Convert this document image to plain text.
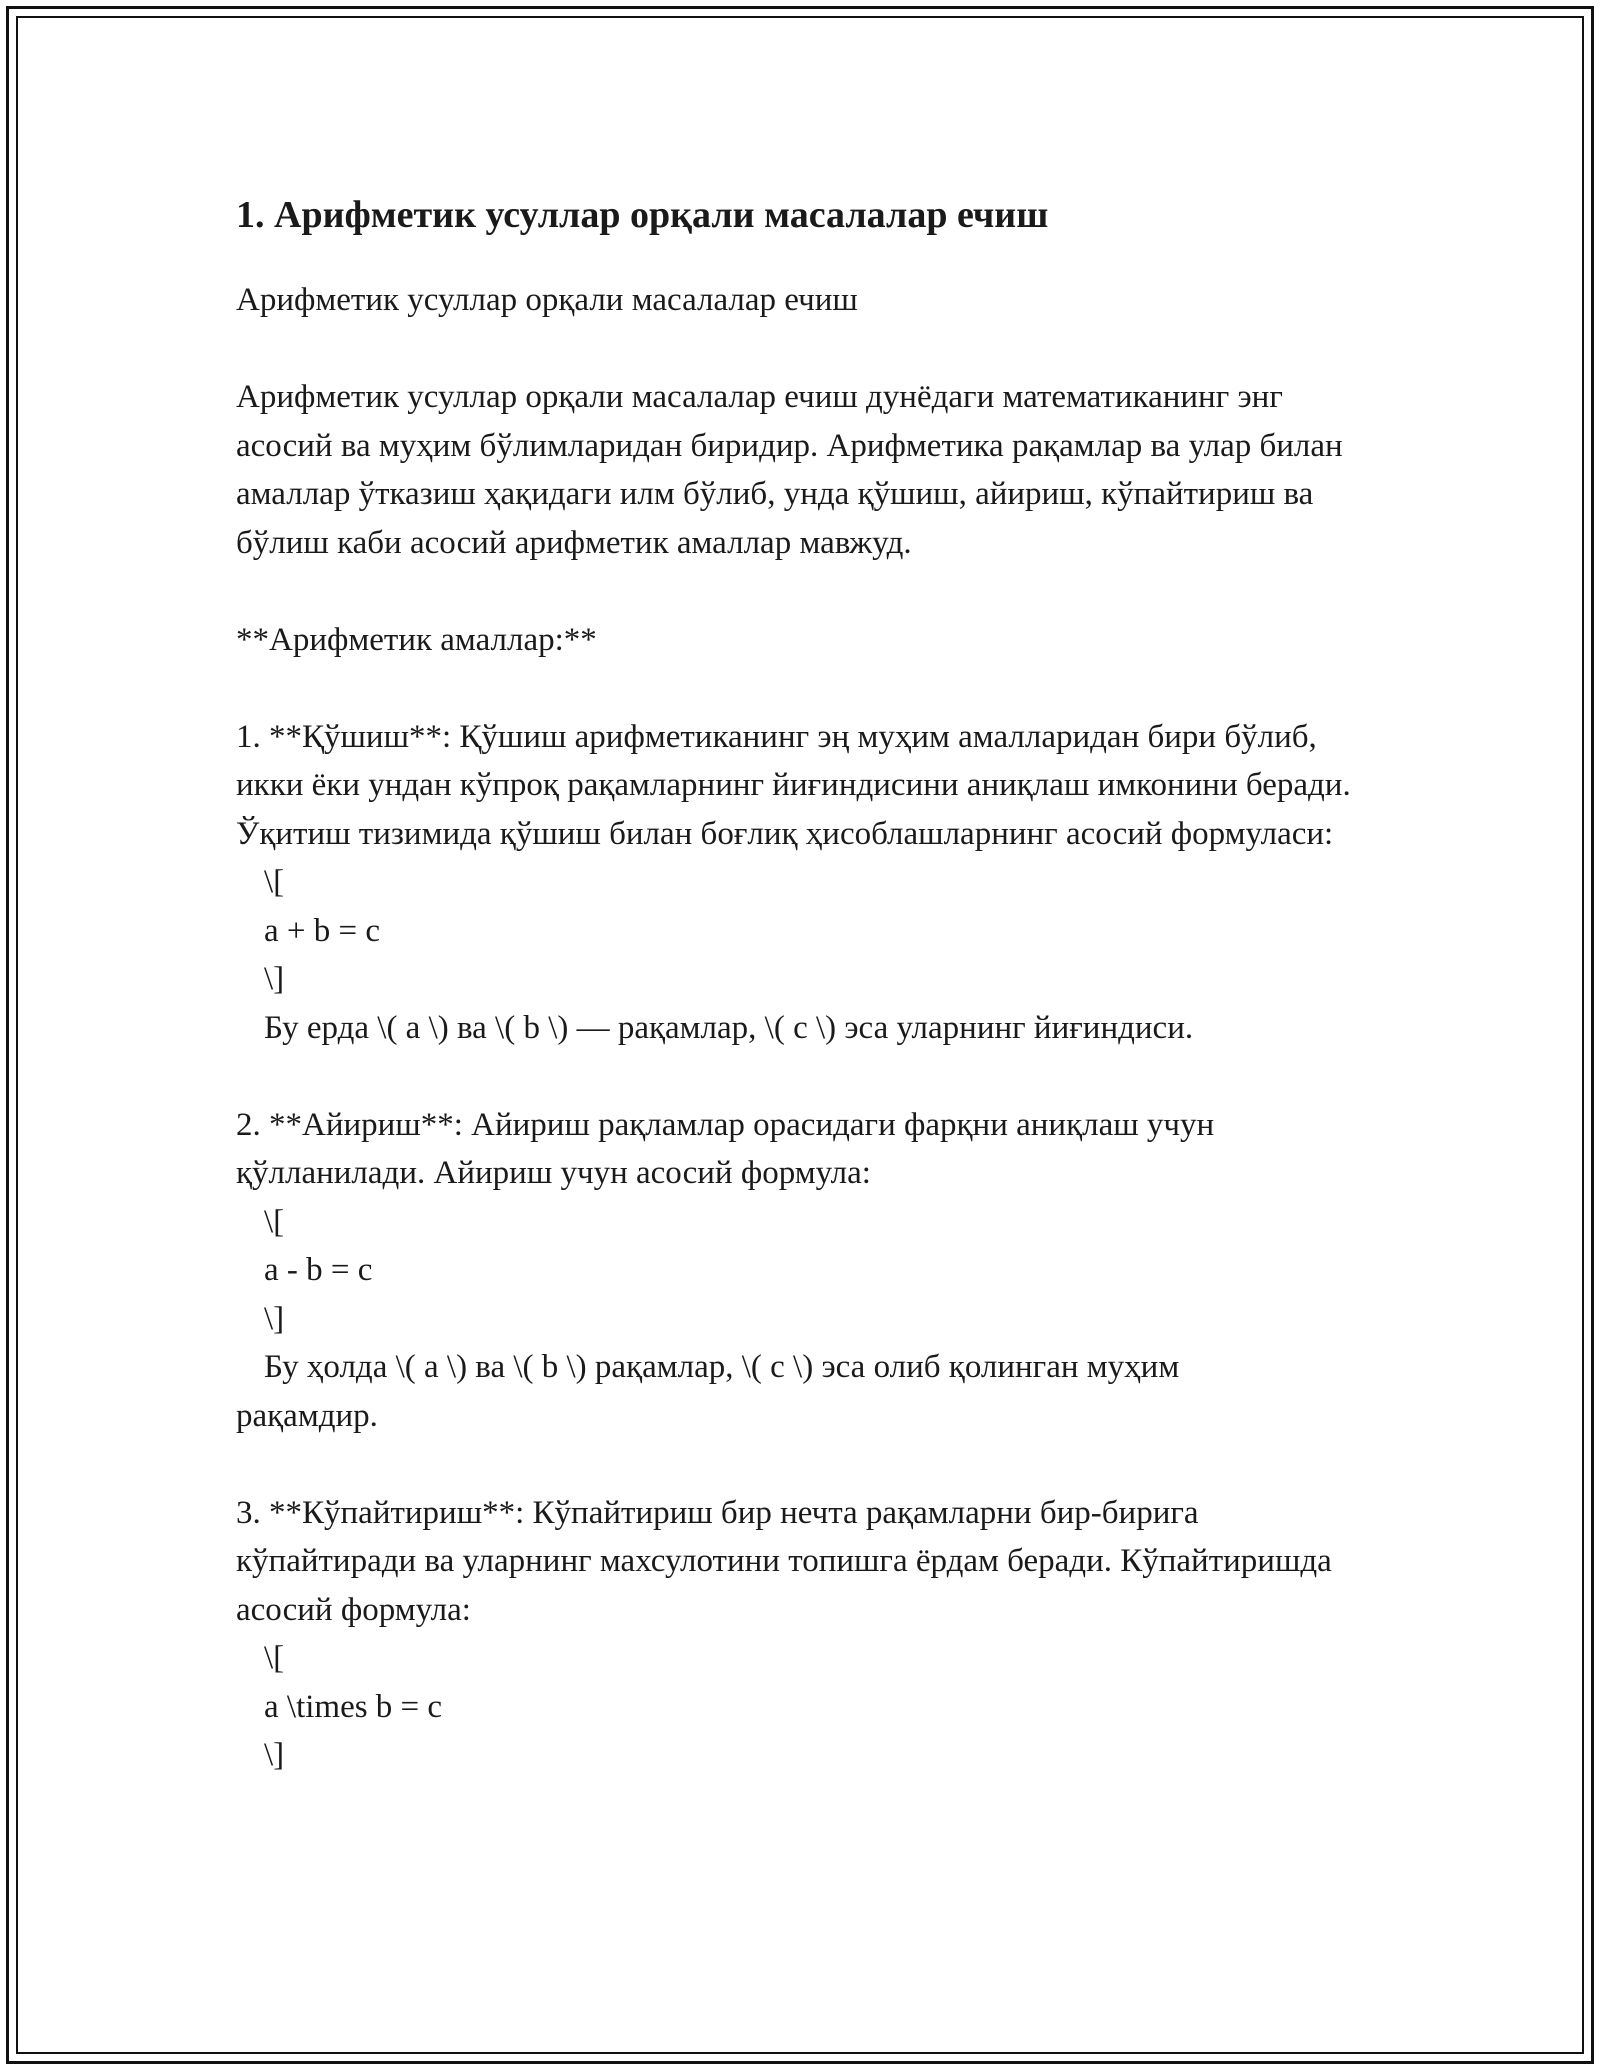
1. Арифметик усуллар орқали масалалар ечиш

Арифметик усуллар орқали масалалар ечиш

Арифметик усуллар орқали масалалар ечиш дунёдаги математиканинг энг асосий ва муҳим бўлимларидан биридир. Арифметика рақамлар ва улар билан амаллар ўтказиш ҳақидаги илм бўлиб, унда қўшиш, айириш, кўпайтириш ва бўлиш каби асосий арифметик амаллар мавжуд.

**Арифметик амаллар:**

1. **Қўшиш**: Қўшиш арифметиканинг эң муҳим амалларидан бири бўлиб, икки ёки ундан кўпроқ рақамларнинг йиғиндисини аниқлаш имконини беради. Ўқитиш тизимида қўшиш билан боғлиқ ҳисоблашларнинг асосий формуласи:

\[

a + b = c

\]

Бу ерда \( a \) ва \( b \) — рақамлар, \( c \) эса уларнинг йиғиндиси.

2. **Айириш**: Айириш рақламлар орасидаги фарқни аниқлаш учун қўлланилади. Айириш учун асосий формула:

\[

a - b = c

\]

Бу ҳолда \( a \) ва \( b \) рақамлар, \( c \) эса олиб қолинган муҳим

рақамдир.

3. **Кўпайтириш**: Кўпайтириш бир нечта рақамларни бир-бирига кўпайтиради ва уларнинг махсулотини топишга ёрдам беради. Кўпайтиришда асосий формула:

\[

a \times b = c

\]
